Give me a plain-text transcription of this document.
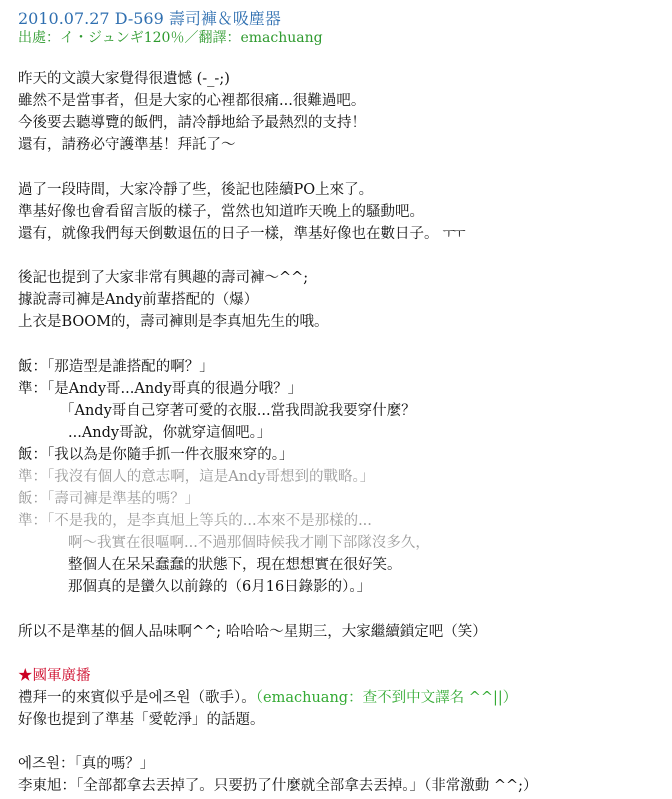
2010.07.27 D-569 壽司褲＆吸塵器
出處：イ・ジュンギ120％／翻譯：emachuang
昨天的文謨大家覺得很遺憾 (-_-;)
雖然不是當事者，但是大家的心裡都很痛...很難過吧。
今後要去聽導覽的飯們，請冷靜地給予最熱烈的支持！
還有，請務必守護準基！拜託了～
過了一段時間，大家冷靜了些，後記也陸續PO上來了。
準基好像也會看留言版的樣子，當然也知道昨天晚上的騷動吧。
還有，就像我們每天倒數退伍的日子一樣，準基好像也在數日子。 ㅜㅜ
後記也提到了大家非常有興趣的壽司褲～^^;
據說壽司褲是Andy前輩搭配的（爆）
上衣是BOOM的，壽司褲則是李真旭先生的哦。
飯：「那造型是誰搭配的啊？」
準：「是Andy哥...Andy哥真的很過分哦？」
「Andy哥自己穿著可愛的衣服...當我問說我要穿什麼？
...Andy哥說，你就穿這個吧。」
飯：「我以為是你隨手抓一件衣服來穿的。」
準：「我沒有個人的意志啊，這是Andy哥想到的戰略。」
飯：「壽司褲是準基的嗎？」
準：「不是我的，是李真旭上等兵的...本來不是那樣的...
啊～我實在很嘔啊...不過那個時候我才剛下部隊沒多久，
整個人在呆呆蠢蠢的狀態下，現在想想實在很好笑。
那個真的是蠻久以前錄的（6月16日錄影的）。」
所以不是準基的個人品味啊^^; 哈哈哈～星期三，大家繼續鎖定吧（笑）
★國軍廣播
禮拜一的來賓似乎是에즈원（歌手）。（emachuang：查不到中文譯名 ^^||）
好像也提到了準基「愛乾淨」的話題。
에즈원：「真的嗎？」
李東旭：「全部都拿去丟掉了。只要扔了什麼就全部拿去丟掉。」（非常激動 ^^;）
